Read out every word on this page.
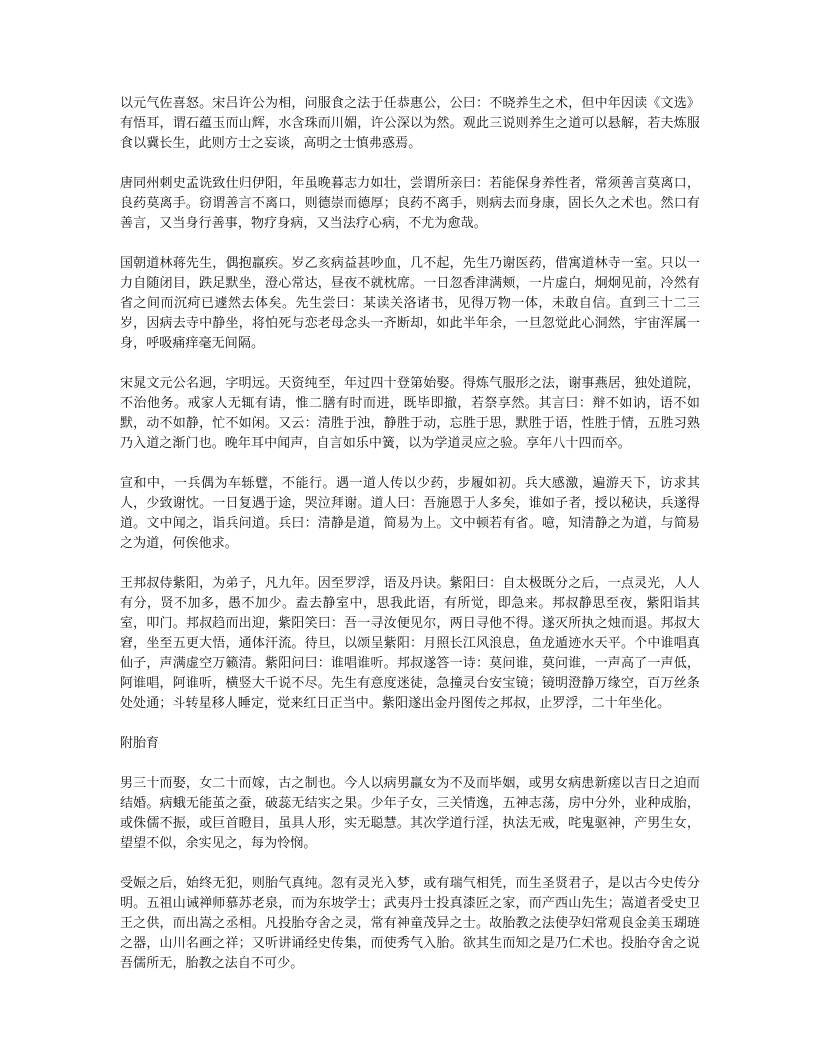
以元气佐喜怒。宋吕许公为相，问服食之法于任恭惠公，公曰：不晓养生之术，但中年因读《文选》有悟耳，谓石蕴玉而山辉，水含珠而川媚，许公深以为然。观此三说则养生之道可以悬解，若夫炼服食以冀长生，此则方士之妄谈，高明之士慎弗惑焉。

唐同州刺史孟诜致仕归伊阳，年虽晚暮志力如壮，尝谓所亲曰：若能保身养性者，常须善言莫离口，良药莫离手。窃谓善言不离口，则德崇而德厚；良药不离手，则病去而身康，固长久之术也。然口有善言，又当身行善事，物疗身病，又当法疗心病，不尤为愈哉。

国朝道林蒋先生，偶抱羸疾。岁乙亥病益甚吵血，几不起，先生乃谢医药，借寓道林寺一室。只以一力自随闭目，跌足默坐，澄心常达，昼夜不就枕席。一日忽香津满颊，一片虚白，炯炯见前，冷然有省之间而沉疴已遽然去体矣。先生尝曰：某读关洛诸书，见得万物一体，未敢自信。直到三十二三岁，因病去寺中静坐，将怕死与恋老母念头一齐断却，如此半年余，一旦忽觉此心洞然，宇宙浑属一身，呼吸痛痒毫无间隔。

宋晁文元公名迥，字明远。天资纯至，年过四十登第始娶。得炼气服形之法，谢事燕居，独处道院，不治他务。戒家人无辄有请，惟二膳有时而进，既毕即撤，若祭享然。其言曰：辩不如讷，语不如默，动不如静，忙不如闲。又云：清胜于浊，静胜于动，忘胜于思，默胜于语，性胜于情，五胜习熟乃入道之渐门也。晚年耳中闻声，自言如乐中簧，以为学道灵应之验。享年八十四而卒。

宣和中，一兵偶为车轹躄，不能行。遇一道人传以少药，步履如初。兵大感激，遍游天下，访求其人，少致谢忱。一日复遇于途，哭泣拜谢。道人曰：吾施恩于人多矣，谁如子者，授以秘诀，兵遂得道。文中闻之，诣兵问道。兵曰：清静是道，简易为上。文中顿若有省。噫，知清静之为道，与简易之为道，何俟他求。

王邦叔侍紫阳，为弟子，凡九年。因至罗浮，语及丹诀。紫阳曰：自太极既分之后，一点灵光，人人有分，贤不加多，愚不加少。盍去静室中，思我此语，有所觉，即急来。邦叔静思至夜，紫阳诣其室，叩门。邦叔趋而出迎，紫阳笑曰：吾一寻汝便见尔，两日寻他不得。遂灭所执之烛而退。邦叔大窘，坐至五更大悟，通体汗流。待旦，以颂呈紫阳：月照长江风浪息，鱼龙遁迹水天平。个中谁唱真仙子，声满虚空万籁清。紫阳问曰：谁唱谁听。邦叔遂答一诗：莫问谁，莫问谁，一声高了一声低，阿谁唱，阿谁听，横竖大千说不尽。先生有意度迷徒，急撞灵台安宝镜；镜明澄静万缘空，百万丝条处处通；斗转星移人睡定，觉来红日正当中。紫阳遂出金丹图传之邦叔，止罗浮，二十年坐化。

附胎育

男三十而娶，女二十而嫁，古之制也。今人以病男羸女为不及而毕姻，或男女病患新瘥以吉日之迫而结婚。病蛾无能茧之蚕，破蕊无结实之果。少年子女，三关情逸，五神志荡，房中分外，业种成胎，或侏儒不振，或巨首瞪目，虽具人形，实无聪慧。其次学道行淫，执法无戒，咤鬼驱神，产男生女，望望不似，余实见之，每为怜悯。

受娠之后，始终无犯，则胎气真纯。忽有灵光入梦，或有瑞气相凭，而生圣贤君子，是以古今史传分明。五祖山诫禅师慕苏老泉，而为东坡学士；武夷丹士投真漆匠之家，而产西山先生；嵩道者受史卫王之供，而出嵩之丞相。凡投胎夺舍之灵，常有神童茂异之士。故胎教之法使孕妇常观良金美玉瑚琏之器，山川名画之祥；又听讲诵经史传集，而使秀气入胎。欲其生而知之是乃仁术也。投胎夺舍之说吾儒所无，胎教之法自不可少。
